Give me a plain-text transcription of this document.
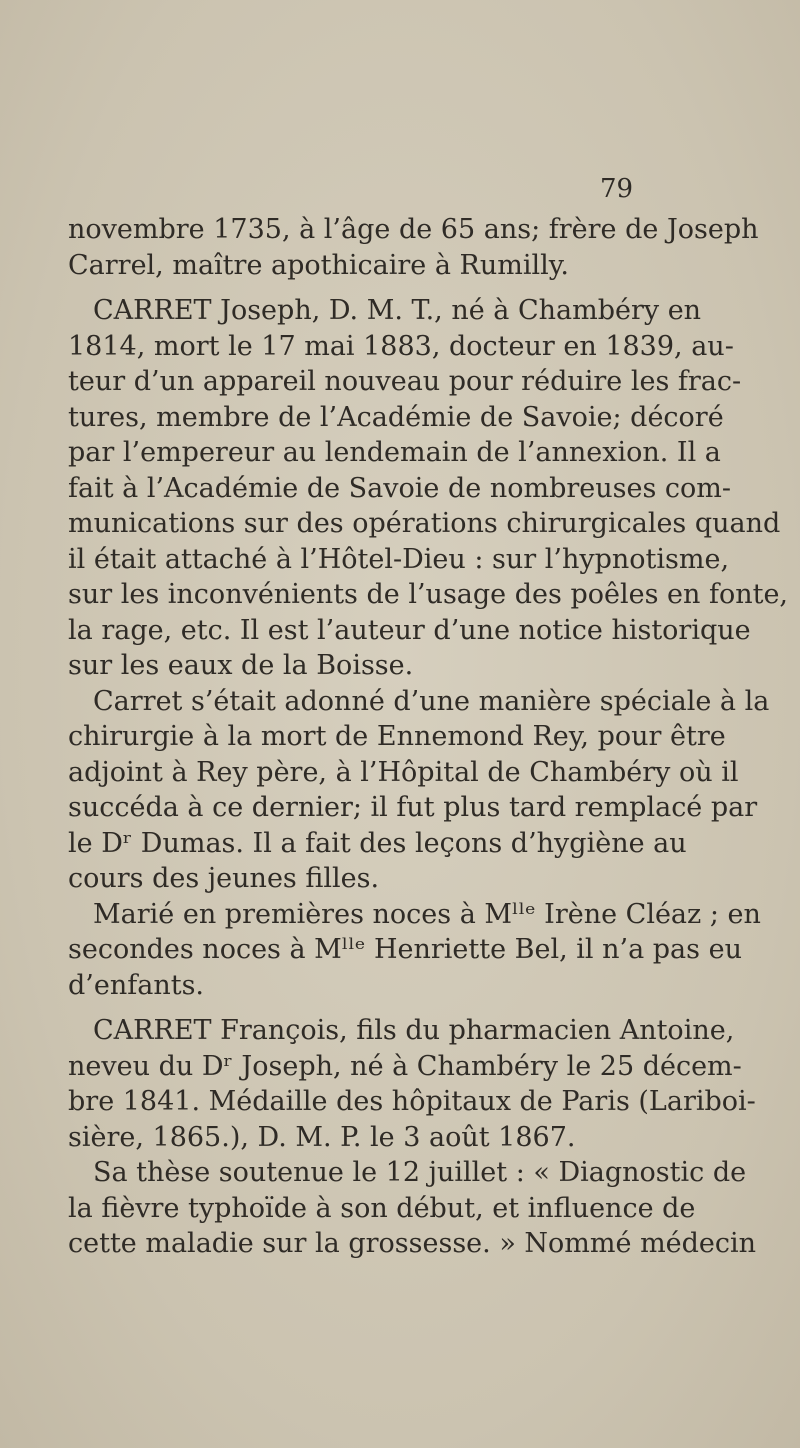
79
novembre 1735, à l’âge de 65 ans; frère de Joseph
Carrel, maître apothicaire à Rumilly.
CARRET Joseph, D. M. T., né à Chambéry en
1814, mort le 17 mai 1883, docteur en 1839, au-
teur d’un appareil nouveau pour réduire les frac-
tures, membre de l’Académie de Savoie; décoré
par l’empereur au lendemain de l’annexion. Il a
fait à l’Académie de Savoie de nombreuses com-
munications sur des opérations chirurgicales quand
il était attaché à l’Hôtel-Dieu : sur l’hypnotisme,
sur les inconvénients de l’usage des poêles en fonte,
la rage, etc. Il est l’auteur d’une notice historique
sur les eaux de la Boisse.
Carret s’était adonné d’une manière spéciale à la
chirurgie à la mort de Ennemond Rey, pour être
adjoint à Rey père, à l’Hôpital de Chambéry où il
succéda à ce dernier; il fut plus tard remplacé par
le Dʳ Dumas. Il a fait des leçons d’hygiène au
cours des jeunes filles.
Marié en premières noces à Mˡˡᵉ Irène Cléaz ; en
secondes noces à Mˡˡᵉ Henriette Bel, il n’a pas eu
d’enfants.
CARRET François, fils du pharmacien Antoine,
neveu du Dʳ Joseph, né à Chambéry le 25 décem-
bre 1841. Médaille des hôpitaux de Paris (Lariboi-
sière, 1865.), D. M. P. le 3 août 1867.
Sa thèse soutenue le 12 juillet : « Diagnostic de
la fièvre typhoïde à son début, et influence de
cette maladie sur la grossesse. » Nommé médecin
